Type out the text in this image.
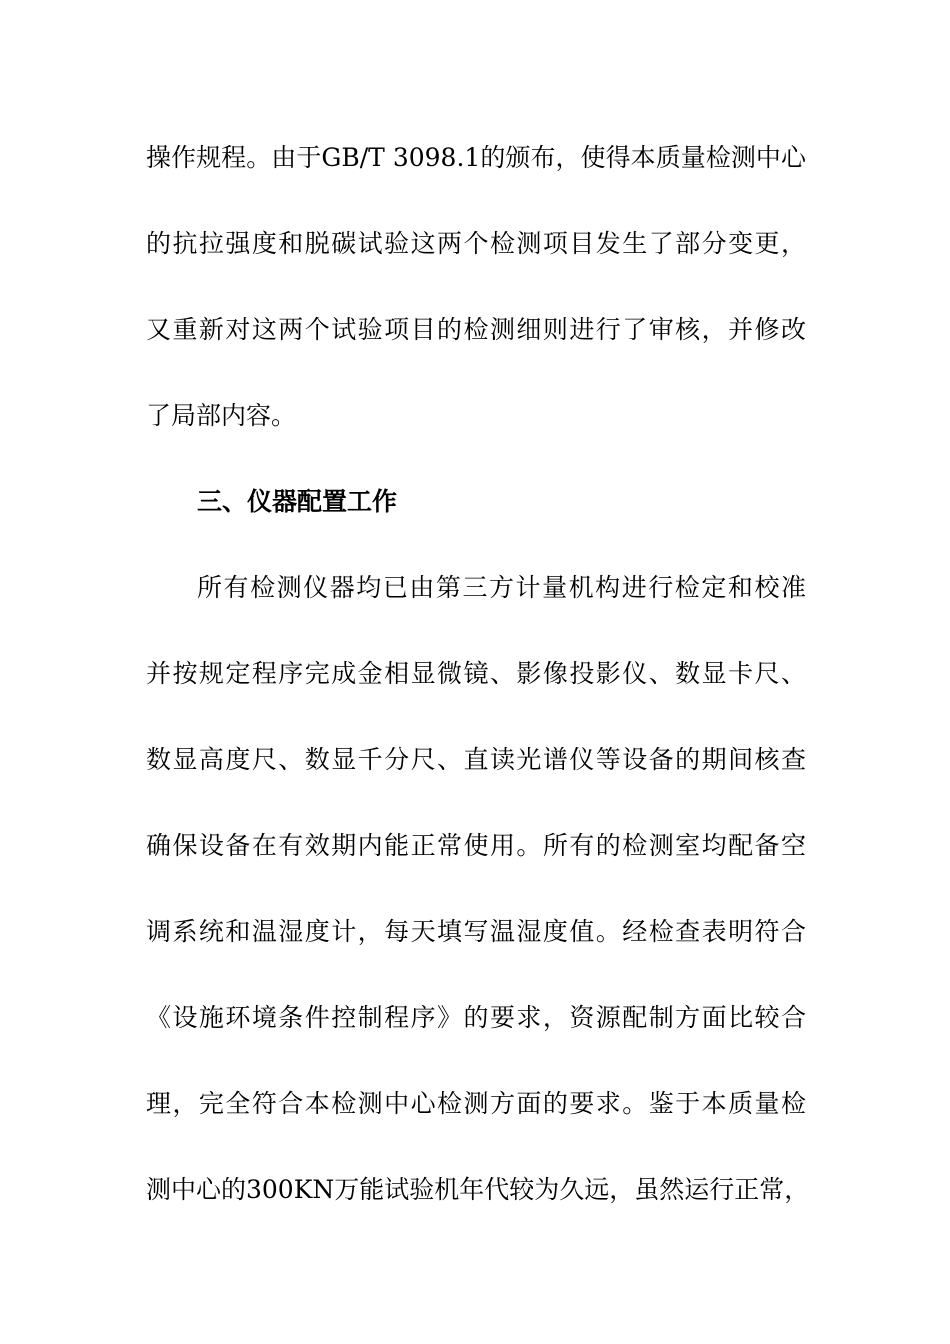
操作规程。由于GB/T 3098.1的颁布，使得本质量检测中心
的抗拉强度和脱碳试验这两个检测项目发生了部分变更，
又重新对这两个试验项目的检测细则进行了审核，并修改
了局部内容。
三、仪器配置工作
所有检测仪器均已由第三方计量机构进行检定和校准
并按规定程序完成金相显微镜、影像投影仪、数显卡尺、
数显高度尺、数显千分尺、直读光谱仪等设备的期间核查
确保设备在有效期内能正常使用。所有的检测室均配备空
调系统和温湿度计，每天填写温湿度值。经检查表明符合
《设施环境条件控制程序》的要求，资源配制方面比较合
理，完全符合本检测中心检测方面的要求。鉴于本质量检
测中心的300KN万能试验机年代较为久远，虽然运行正常，
